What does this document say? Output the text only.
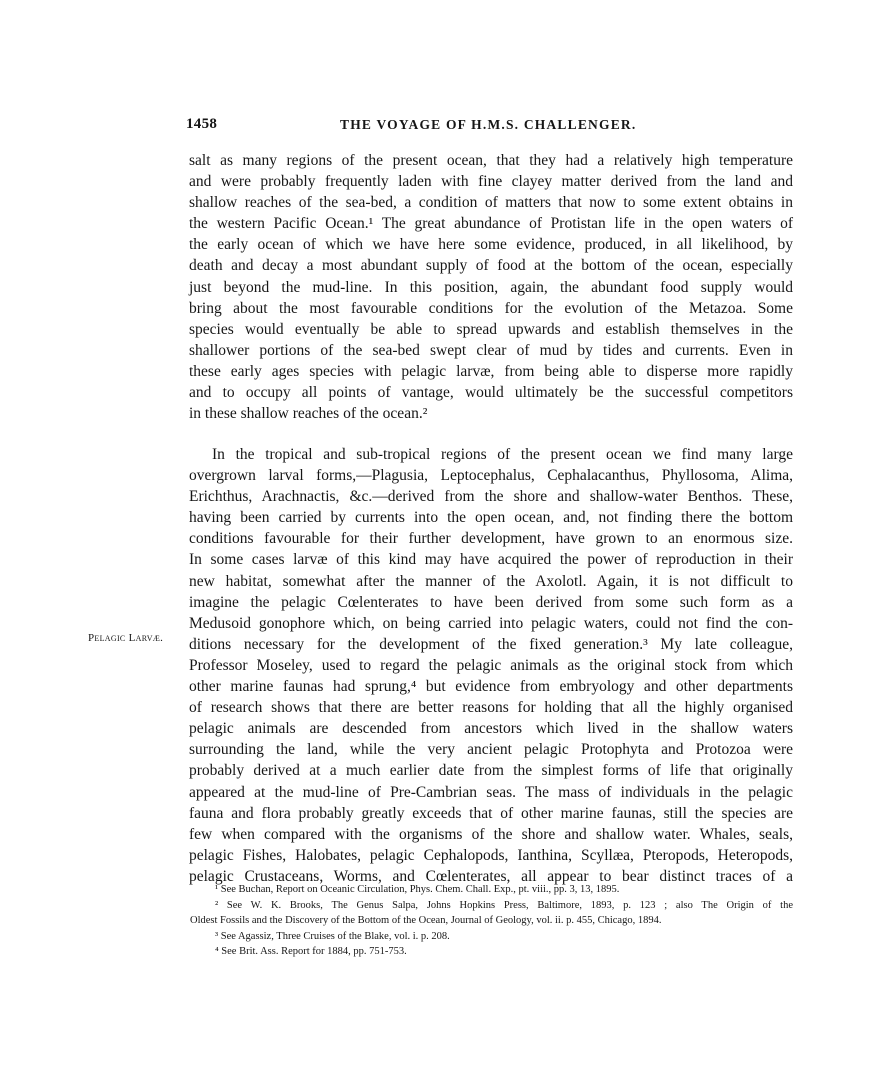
1458	THE VOYAGE OF H.M.S. CHALLENGER.
salt as many regions of the present ocean, that they had a relatively high temperature
and were probably frequently laden with fine clayey matter derived from the land and
shallow reaches of the sea-bed, a condition of matters that now to some extent obtains in
the western Pacific Ocean.¹ The great abundance of Protistan life in the open waters of
the early ocean of which we have here some evidence, produced, in all likelihood, by
death and decay a most abundant supply of food at the bottom of the ocean, especially
just beyond the mud-line. In this position, again, the abundant food supply would
bring about the most favourable conditions for the evolution of the Metazoa. Some
species would eventually be able to spread upwards and establish themselves in the
shallower portions of the sea-bed swept clear of mud by tides and currents. Even in
these early ages species with pelagic larvæ, from being able to disperse more rapidly
and to occupy all points of vantage, would ultimately be the successful competitors
in these shallow reaches of the ocean.²
In the tropical and sub-tropical regions of the present ocean we find many large
overgrown larval forms,—Plagusia, Leptocephalus, Cephalacanthus, Phyllosoma, Alima,
Erichthus, Arachnactis, &c.—derived from the shore and shallow-water Benthos. These,
having been carried by currents into the open ocean, and, not finding there the bottom
conditions favourable for their further development, have grown to an enormous size.
In some cases larvæ of this kind may have acquired the power of reproduction in their
new habitat, somewhat after the manner of the Axolotl. Again, it is not difficult to
imagine the pelagic Cœlenterates to have been derived from some such form as a
Medusoid gonophore which, on being carried into pelagic waters, could not find the con-
ditions necessary for the development of the fixed generation.³ My late colleague,
Professor Moseley, used to regard the pelagic animals as the original stock from which
other marine faunas had sprung,⁴ but evidence from embryology and other departments
of research shows that there are better reasons for holding that all the highly organised
pelagic animals are descended from ancestors which lived in the shallow waters
surrounding the land, while the very ancient pelagic Protophyta and Protozoa were
probably derived at a much earlier date from the simplest forms of life that originally
appeared at the mud-line of Pre-Cambrian seas. The mass of individuals in the pelagic
fauna and flora probably greatly exceeds that of other marine faunas, still the species are
few when compared with the organisms of the shore and shallow water. Whales, seals,
pelagic Fishes, Halobates, pelagic Cephalopods, Ianthina, Scyllæa, Pteropods, Heteropods,
pelagic Crustaceans, Worms, and Cœlenterates, all appear to bear distinct traces of a
Pelagic Larvæ.
¹ See Buchan, Report on Oceanic Circulation, Phys. Chem. Chall. Exp., pt. viii., pp. 3, 13, 1895.
² See W. K. Brooks, The Genus Salpa, Johns Hopkins Press, Baltimore, 1893, p. 123 ; also The Origin of the
Oldest Fossils and the Discovery of the Bottom of the Ocean, Journal of Geology, vol. ii. p. 455, Chicago, 1894.
³ See Agassiz, Three Cruises of the Blake, vol. i. p. 208.
⁴ See Brit. Ass. Report for 1884, pp. 751-753.
